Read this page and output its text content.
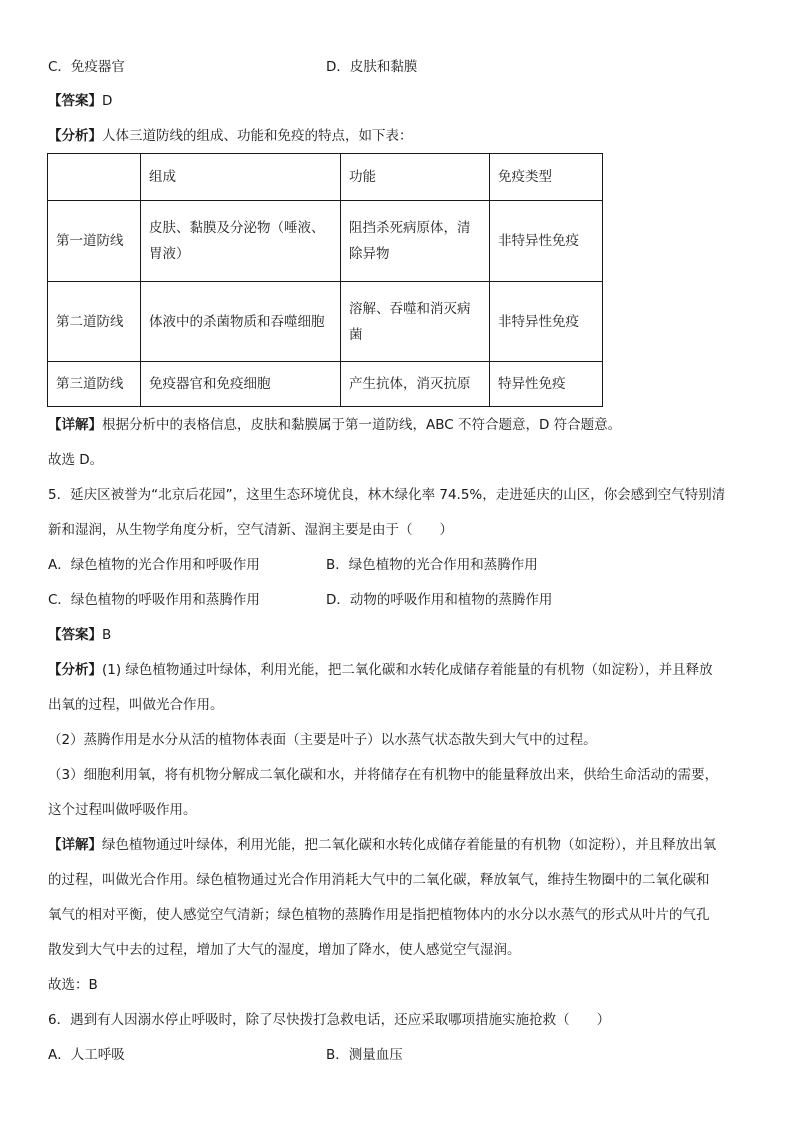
C．免疫器官	D．皮肤和黏膜
【答案】D
【分析】人体三道防线的组成、功能和免疫的特点，如下表：
	组成	功能	免疫类型
第一道防线	皮肤、黏膜及分泌物（唾液、胃液）	阻挡杀死病原体，清除异物	非特异性免疫
第二道防线	体液中的杀菌物质和吞噬细胞	溶解、吞噬和消灭病菌	非特异性免疫
第三道防线	免疫器官和免疫细胞	产生抗体，消灭抗原	特异性免疫
【详解】根据分析中的表格信息，皮肤和黏膜属于第一道防线，ABC 不符合题意，D 符合题意。
故选 D。
5．延庆区被誉为“北京后花园”，这里生态环境优良，林木绿化率 74.5%，走进延庆的山区，你会感到空气特别清
新和湿润，从生物学角度分析，空气清新、湿润主要是由于（　　）
A．绿色植物的光合作用和呼吸作用	B．绿色植物的光合作用和蒸腾作用
C．绿色植物的呼吸作用和蒸腾作用	D．动物的呼吸作用和植物的蒸腾作用
【答案】B
【分析】(1) 绿色植物通过叶绿体，利用光能，把二氧化碳和水转化成储存着能量的有机物（如淀粉），并且释放
出氧的过程，叫做光合作用。
（2）蒸腾作用是水分从活的植物体表面（主要是叶子）以水蒸气状态散失到大气中的过程。
（3）细胞利用氧，将有机物分解成二氧化碳和水，并将储存在有机物中的能量释放出来，供给生命活动的需要，
这个过程叫做呼吸作用。
【详解】绿色植物通过叶绿体，利用光能，把二氧化碳和水转化成储存着能量的有机物（如淀粉），并且释放出氧
的过程，叫做光合作用。绿色植物通过光合作用消耗大气中的二氧化碳，释放氧气，维持生物圈中的二氧化碳和
氧气的相对平衡，使人感觉空气清新；绿色植物的蒸腾作用是指把植物体内的水分以水蒸气的形式从叶片的气孔
散发到大气中去的过程，增加了大气的湿度，增加了降水，使人感觉空气湿润。
故选：B
6．遇到有人因溺水停止呼吸时，除了尽快拨打急救电话，还应采取哪项措施实施抢救（　　）
A．人工呼吸	B．测量血压
